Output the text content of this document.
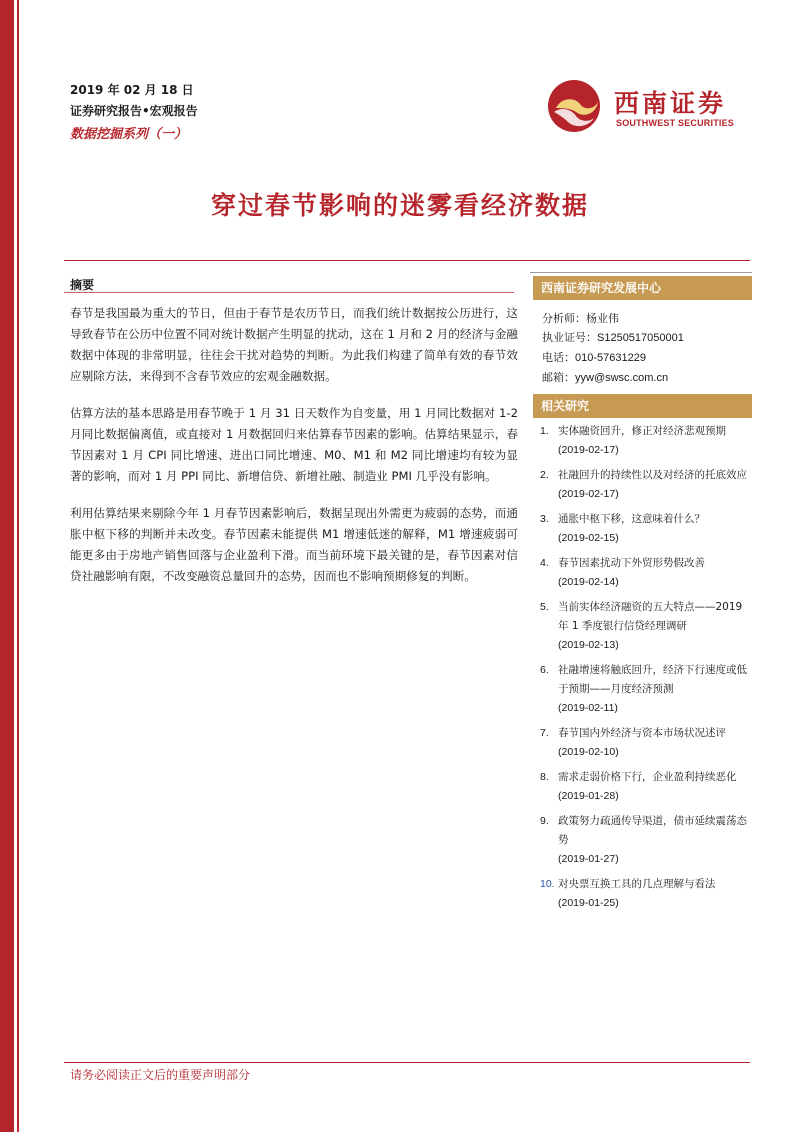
2019 年 02 月 18 日
证券研究报告•宏观报告
数据挖掘系列（一）
西南证券
SOUTHWEST SECURITIES
穿过春节影响的迷雾看经济数据
摘要
春节是我国最为重大的节日，但由于春节是农历节日，而我们统计数据按公历进行，这导致春节在公历中位置不同对统计数据产生明显的扰动，这在 1 月和 2 月的经济与金融数据中体现的非常明显，往往会干扰对趋势的判断。为此我们构建了简单有效的春节效应剔除方法，来得到不含春节效应的宏观金融数据。
估算方法的基本思路是用春节晚于 1 月 31 日天数作为自变量，用 1 月同比数据对 1-2 月同比数据偏离值，或直接对 1 月数据回归来估算春节因素的影响。估算结果显示，春节因素对 1 月 CPI 同比增速、进出口同比增速、M0、M1 和 M2 同比增速均有较为显著的影响，而对 1 月 PPI 同比、新增信贷、新增社融、制造业 PMI 几乎没有影响。
利用估算结果来剔除今年 1 月春节因素影响后，数据呈现出外需更为疲弱的态势，而通胀中枢下移的判断并未改变。春节因素未能提供 M1 增速低迷的解释，M1 增速疲弱可能更多由于房地产销售回落与企业盈利下滑。而当前环境下最关键的是，春节因素对信贷社融影响有限，不改变融资总量回升的态势，因而也不影响预期修复的判断。
西南证券研究发展中心
分析师：杨业伟
执业证号：S1250517050001
电话：010-57631229
邮箱：yyw@swsc.com.cn
相关研究
1. 实体融资回升，修正对经济悲观预期
(2019-02-17)
2. 社融回升的持续性以及对经济的托底效应
(2019-02-17)
3. 通胀中枢下移，这意味着什么？
(2019-02-15)
4. 春节因素扰动下外贸形势假改善
(2019-02-14)
5. 当前实体经济融资的五大特点——2019年 1 季度银行信贷经理调研
(2019-02-13)
6. 社融增速将触底回升，经济下行速度或低于预期——月度经济预测
(2019-02-11)
7. 春节国内外经济与资本市场状况述评
(2019-02-10)
8. 需求走弱价格下行，企业盈利持续恶化
(2019-01-28)
9. 政策努力疏通传导渠道，债市延续震荡态势
(2019-01-27)
10. 对央票互换工具的几点理解与看法
(2019-01-25)
请务必阅读正文后的重要声明部分
